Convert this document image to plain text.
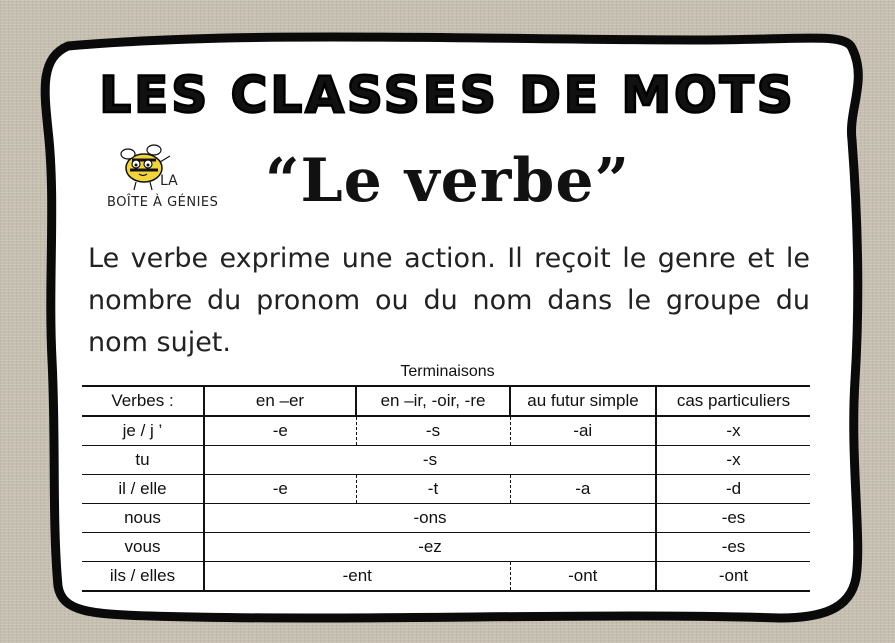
LES CLASSES DE MOTS
LA
BOÎTE À GÉNIES “Le verbe”
Le verbe exprime une action. Il reçoit le genre et le nombre du pronom ou du nom dans le groupe du nom sujet.
Terminaisons
Verbes :	en –er	en –ir, -oir, -re	au futur simple	cas particuliers
je / j ’	-e	-s	-ai	-x
tu	-s			-x
il / elle	-e	-t	-a	-d
nous	-ons			-es
vous	-ez			-es
ils / elles	-ent		-ont	-ont
